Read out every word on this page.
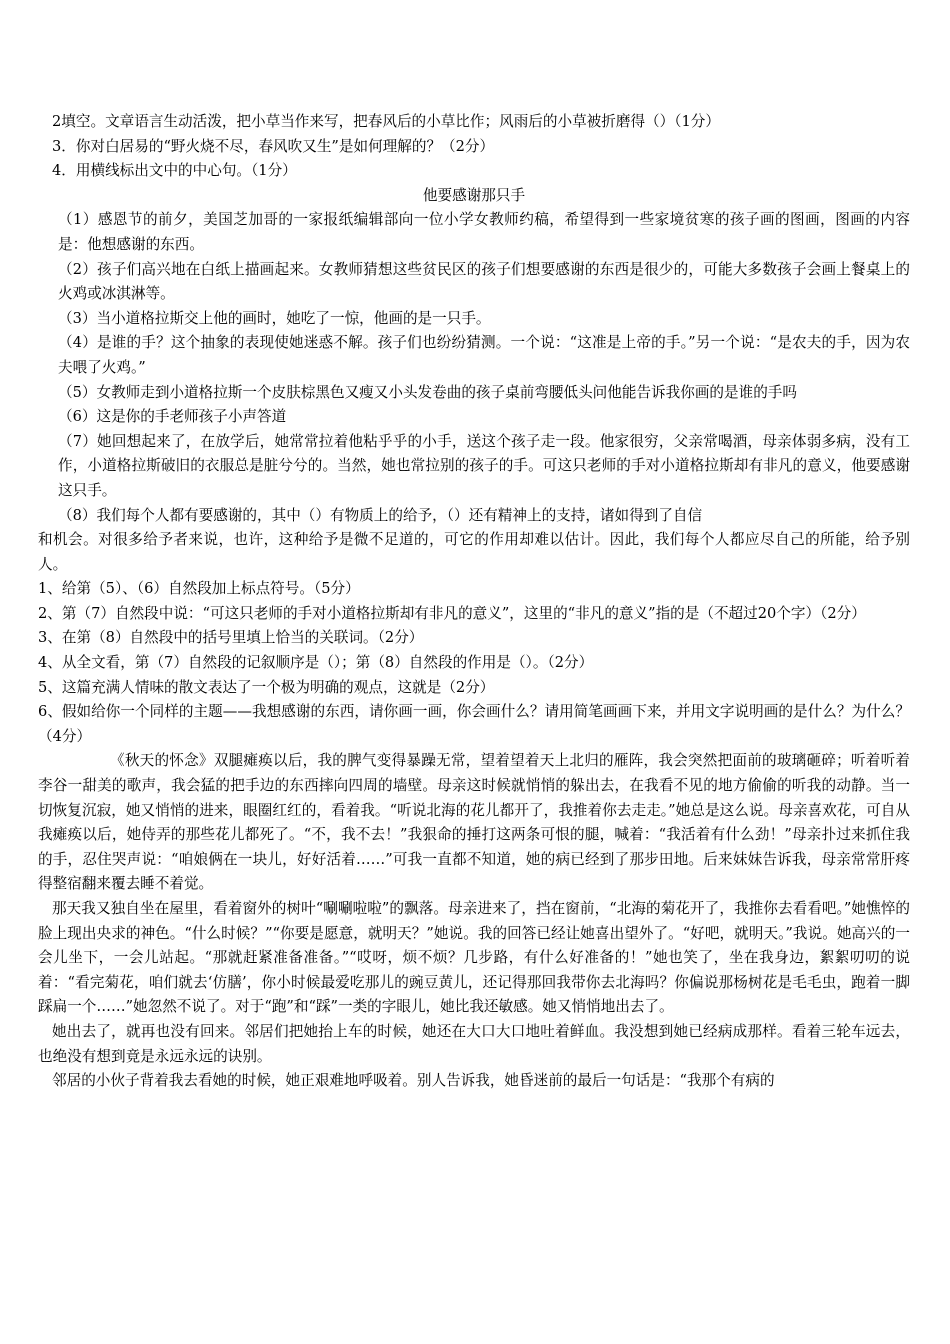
2填空。文章语言生动活泼，把小草当作来写，把春风后的小草比作；风雨后的小草被折磨得（）（1分）
3．你对白居易的“野火烧不尽，春风吹又生”是如何理解的？（2分）
4．用横线标出文中的中心句。（1分）
他要感谢那只手
（1）感恩节的前夕，美国芝加哥的一家报纸编辑部向一位小学女教师约稿，希望得到一些家境贫寒的孩子画的图画，图画的内容是：他想感谢的东西。
（2）孩子们高兴地在白纸上描画起来。女教师猜想这些贫民区的孩子们想要感谢的东西是很少的，可能大多数孩子会画上餐桌上的火鸡或冰淇淋等。
（3）当小道格拉斯交上他的画时，她吃了一惊，他画的是一只手。
（4）是谁的手？这个抽象的表现使她迷惑不解。孩子们也纷纷猜测。一个说：“这准是上帝的手。”另一个说：“是农夫的手，因为农夫喂了火鸡。”
（5）女教师走到小道格拉斯一个皮肤棕黑色又瘦又小头发卷曲的孩子桌前弯腰低头问他能告诉我你画的是谁的手吗
（6）这是你的手老师孩子小声答道
（7）她回想起来了，在放学后，她常常拉着他粘乎乎的小手，送这个孩子走一段。他家很穷，父亲常喝酒，母亲体弱多病，没有工作，小道格拉斯破旧的衣服总是脏兮兮的。当然，她也常拉别的孩子的手。可这只老师的手对小道格拉斯却有非凡的意义，他要感谢这只手。
（8）我们每个人都有要感谢的，其中（）有物质上的给予，（）还有精神上的支持，诸如得到了自信
和机会。对很多给予者来说，也许，这种给予是微不足道的，可它的作用却难以估计。因此，我们每个人都应尽自己的所能，给予别人。
1、给第（5）、（6）自然段加上标点符号。（5分）
2、第（7）自然段中说：“可这只老师的手对小道格拉斯却有非凡的意义”，这里的“非凡的意义”指的是（不超过20个字）（2分）
3、在第（8）自然段中的括号里填上恰当的关联词。（2分）
4、从全文看，第（7）自然段的记叙顺序是（）；第（8）自然段的作用是（）。（2分）
5、这篇充满人情味的散文表达了一个极为明确的观点，这就是（2分）
6、假如给你一个同样的主题——我想感谢的东西，请你画一画，你会画什么？请用简笔画画下来，并用文字说明画的是什么？为什么？（4分）
《秋天的怀念》双腿瘫痪以后，我的脾气变得暴躁无常，望着望着天上北归的雁阵，我会突然把面前的玻璃砸碎；听着听着李谷一甜美的歌声，我会猛的把手边的东西摔向四周的墙壁。母亲这时候就悄悄的躲出去，在我看不见的地方偷偷的听我的动静。当一切恢复沉寂，她又悄悄的进来，眼圈红红的，看着我。“听说北海的花儿都开了，我推着你去走走。”她总是这么说。母亲喜欢花，可自从我瘫痪以后，她侍弄的那些花儿都死了。“不，我不去！”我狠命的捶打这两条可恨的腿，喊着：“我活着有什么劲！”母亲扑过来抓住我的手，忍住哭声说：“咱娘俩在一块儿，好好活着……”可我一直都不知道，她的病已经到了那步田地。后来妹妹告诉我，母亲常常肝疼得整宿翻来覆去睡不着觉。
那天我又独自坐在屋里，看着窗外的树叶“唰唰啦啦”的飘落。母亲进来了，挡在窗前，“北海的菊花开了，我推你去看看吧。”她憔悴的脸上现出央求的神色。“什么时候？”“你要是愿意，就明天？”她说。我的回答已经让她喜出望外了。“好吧，就明天。”我说。她高兴的一会儿坐下，一会儿站起。“那就赶紧准备准备。”“哎呀，烦不烦？几步路，有什么好准备的！”她也笑了，坐在我身边，絮絮叨叨的说着：“看完菊花，咱们就去‘仿膳’，你小时候最爱吃那儿的豌豆黄儿，还记得那回我带你去北海吗？你偏说那杨树花是毛毛虫，跑着一脚踩扁一个……”她忽然不说了。对于“跑”和“踩”一类的字眼儿，她比我还敏感。她又悄悄地出去了。
她出去了，就再也没有回来。邻居们把她抬上车的时候，她还在大口大口地吐着鲜血。我没想到她已经病成那样。看着三轮车远去，也绝没有想到竟是永远永远的诀别。
邻居的小伙子背着我去看她的时候，她正艰难地呼吸着。别人告诉我，她昏迷前的最后一句话是：“我那个有病的
